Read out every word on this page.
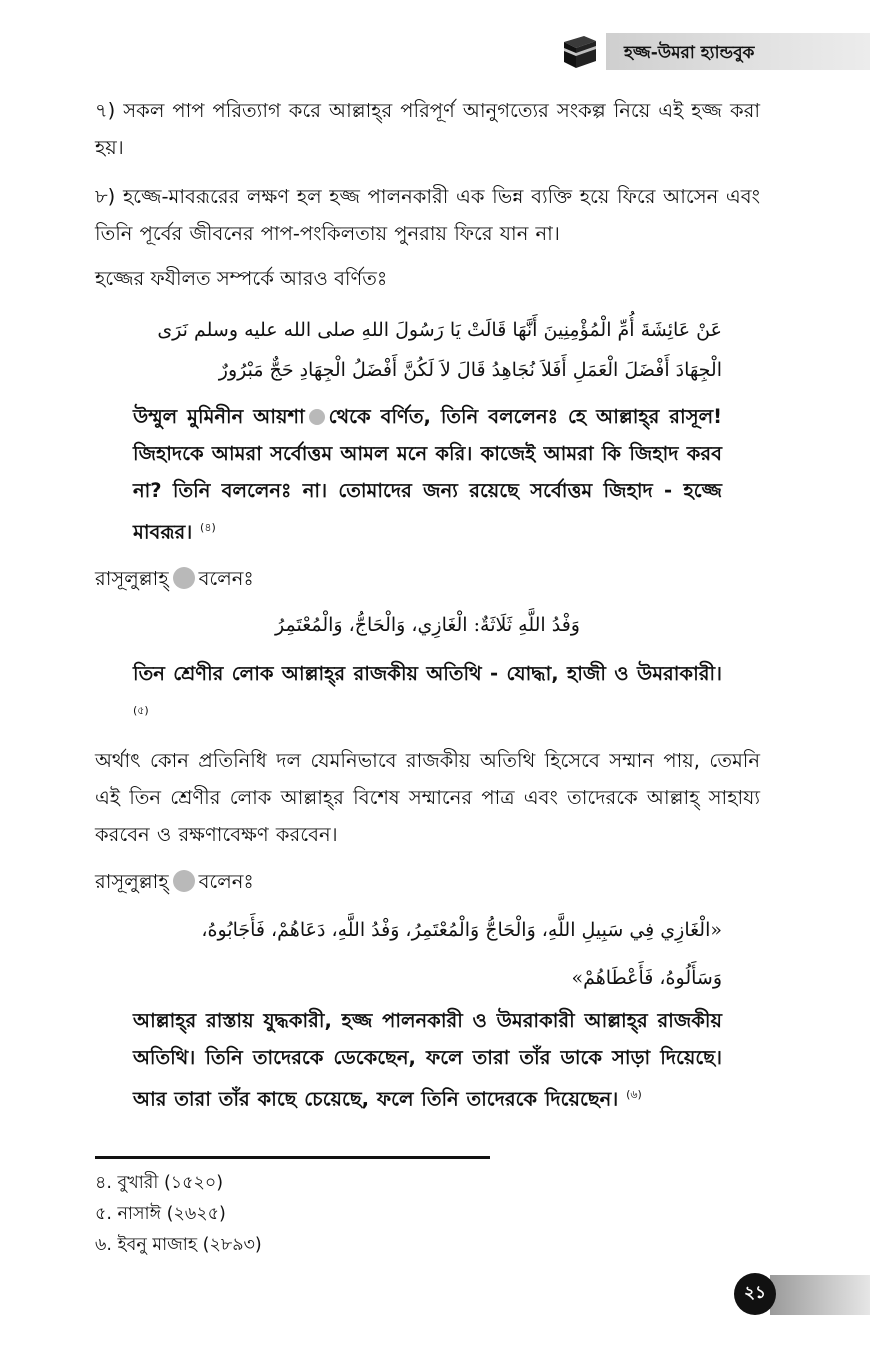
হজ্জ-উমরা হ্যান্ডবুক

৭) সকল পাপ পরিত্যাগ করে আল্লাহ্‌র পরিপূর্ণ আনুগত্যের সংকল্প নিয়ে এই হজ্জ করা হয়।

৮) হজ্জে-মাবরূরের লক্ষণ হল হজ্জ পালনকারী এক ভিন্ন ব্যক্তি হয়ে ফিরে আসেন এবং তিনি পূর্বের জীবনের পাপ-পংকিলতায় পুনরায় ফিরে যান না।

হজ্জের ফযীলত সম্পর্কে আরও বর্ণিতঃ

عَنْ عَائِشَةَ أُمِّ الْمُؤْمِنِينَ أَنَّهَا قَالَتْ يَا رَسُولَ اللهِ صلى الله عليه وسلم نَرَى الْجِهَادَ أَفْضَلَ الْعَمَلِ أَفَلاَ نُجَاهِدُ قَالَ لاَ لَكُنَّ أَفْضَلُ الْجِهَادِ حَجٌّ مَبْرُورٌ

উম্মুল মুমিনীন আয়শা থেকে বর্ণিত, তিনি বললেনঃ হে আল্লাহ্‌র রাসূল! জিহাদকে আমরা সর্বোত্তম আমল মনে করি। কাজেই আমরা কি জিহাদ করব না? তিনি বললেনঃ না। তোমাদের জন্য রয়েছে সর্বোত্তম জিহাদ - হজ্জে মাবরূর। $^{(৪)}$

রাসূলুল্লাহ্‌ বলেনঃ

وَفْدُ اللَّهِ ثَلَاثَةٌ: الْغَازِي، وَالْحَاجُّ، وَالْمُعْتَمِرُ

তিন শ্রেণীর লোক আল্লাহ্‌র রাজকীয় অতিথি - যোদ্ধা, হাজী ও উমরাকারী। $^{(৫)}$

অর্থাৎ কোন প্রতিনিধি দল যেমনিভাবে রাজকীয় অতিথি হিসেবে সম্মান পায়, তেমনি এই তিন শ্রেণীর লোক আল্লাহ্‌র বিশেষ সম্মানের পাত্র এবং তাদেরকে আল্লাহ্‌ সাহায্য করবেন ও রক্ষণাবেক্ষণ করবেন।

রাসূলুল্লাহ্‌ বলেনঃ

«الْغَازِي فِي سَبِيلِ اللَّهِ، وَالْحَاجُّ وَالْمُعْتَمِرُ، وَفْدُ اللَّهِ، دَعَاهُمْ، فَأَجَابُوهُ،

وَسَأَلُوهُ، فَأَعْطَاهُمْ»

আল্লাহ্‌র রাস্তায় যুদ্ধকারী, হজ্জ পালনকারী ও উমরাকারী আল্লাহ্‌র রাজকীয় অতিথি। তিনি তাদেরকে ডেকেছেন, ফলে তারা তাঁর ডাকে সাড়া দিয়েছে। আর তারা তাঁর কাছে চেয়েছে, ফলে তিনি তাদেরকে দিয়েছেন। $^{(৬)}$

৪. বুখারী (১৫২০)
৫. নাসাঈ (২৬২৫)
৬. ইবনু মাজাহ (২৮৯৩)
২১
